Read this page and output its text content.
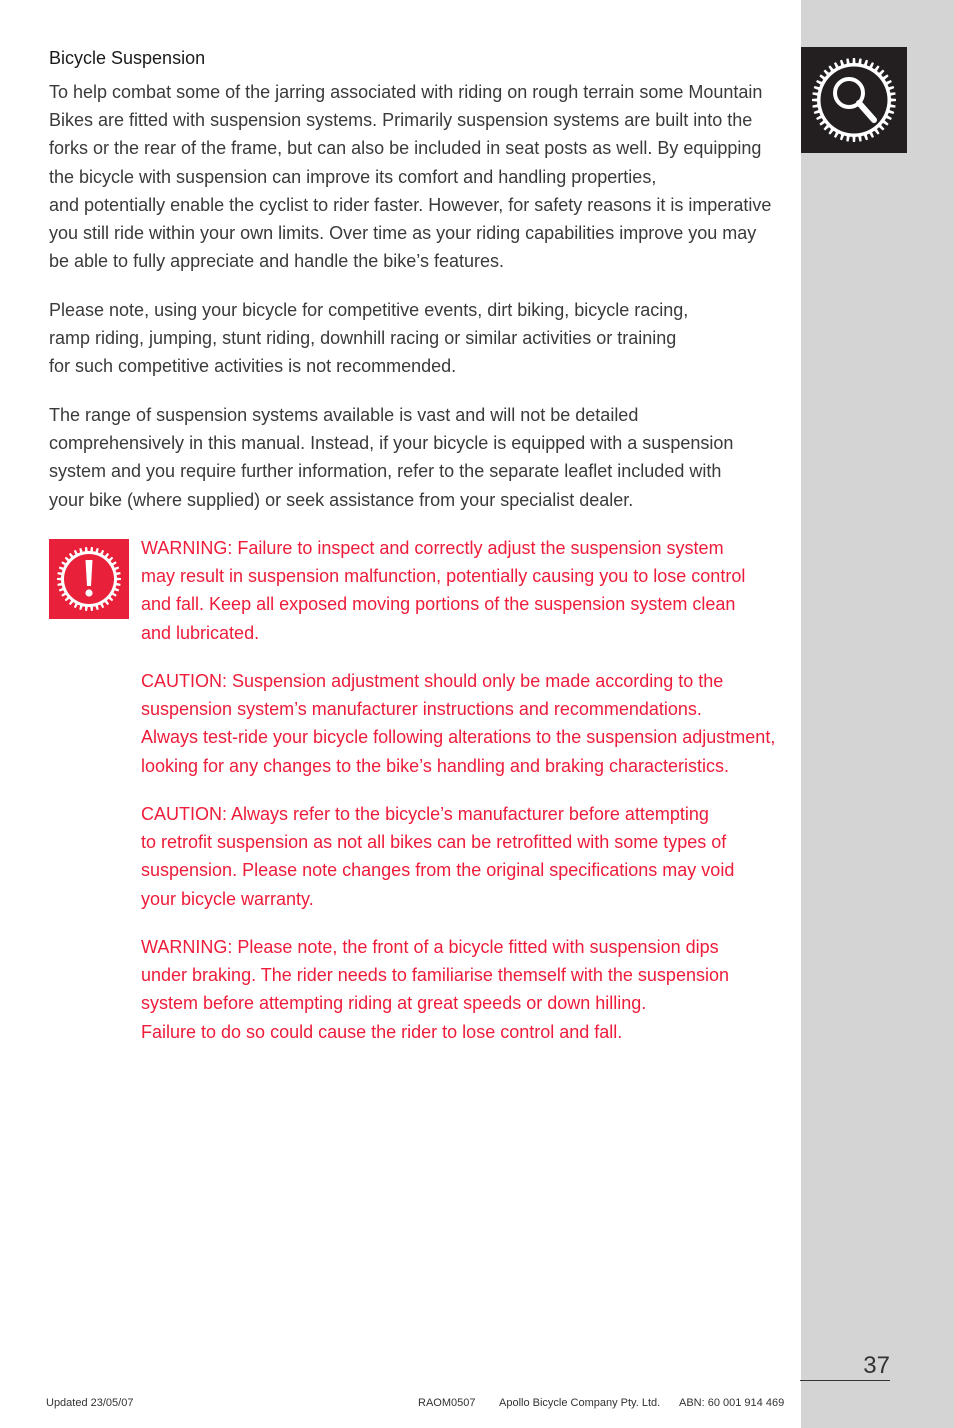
Bicycle Suspension

To help combat some of the jarring associated with riding on rough terrain some Mountain
Bikes are fitted with suspension systems. Primarily suspension systems are built into the
forks or the rear of the frame, but can also be included in seat posts as well. By equipping
the bicycle with suspension can improve its comfort and handling properties,
and potentially enable the cyclist to rider faster. However, for safety reasons it is imperative
you still ride within your own limits. Over time as your riding capabilities improve you may
be able to fully appreciate and handle the bike’s features.

Please note, using your bicycle for competitive events, dirt biking, bicycle racing,
ramp riding, jumping, stunt riding, downhill racing or similar activities or training
for such competitive activities is not recommended.

The range of suspension systems available is vast and will not be detailed
comprehensively in this manual. Instead, if your bicycle is equipped with a suspension
system and you require further information, refer to the separate leaflet included with
your bike (where supplied) or seek assistance from your specialist dealer.

WARNING: Failure to inspect and correctly adjust the suspension system
may result in suspension malfunction, potentially causing you to lose control
and fall. Keep all exposed moving portions of the suspension system clean
and lubricated.

CAUTION: Suspension adjustment should only be made according to the
suspension system’s manufacturer instructions and recommendations.
Always test-ride your bicycle following alterations to the suspension adjustment,
looking for any changes to the bike’s handling and braking characteristics.

CAUTION: Always refer to the bicycle’s manufacturer before attempting
to retrofit suspension as not all bikes can be retrofitted with some types of
suspension. Please note changes from the original specifications may void
your bicycle warranty.

WARNING: Please note, the front of a bicycle fitted with suspension dips
under braking. The rider needs to familiarise themself with the suspension
system before attempting riding at great speeds or down hilling.
Failure to do so could cause the rider to lose control and fall.

37
Updated 23/05/07	RAOM0507 Apollo Bicycle Company Pty. Ltd. ABN: 60 001 914 469
